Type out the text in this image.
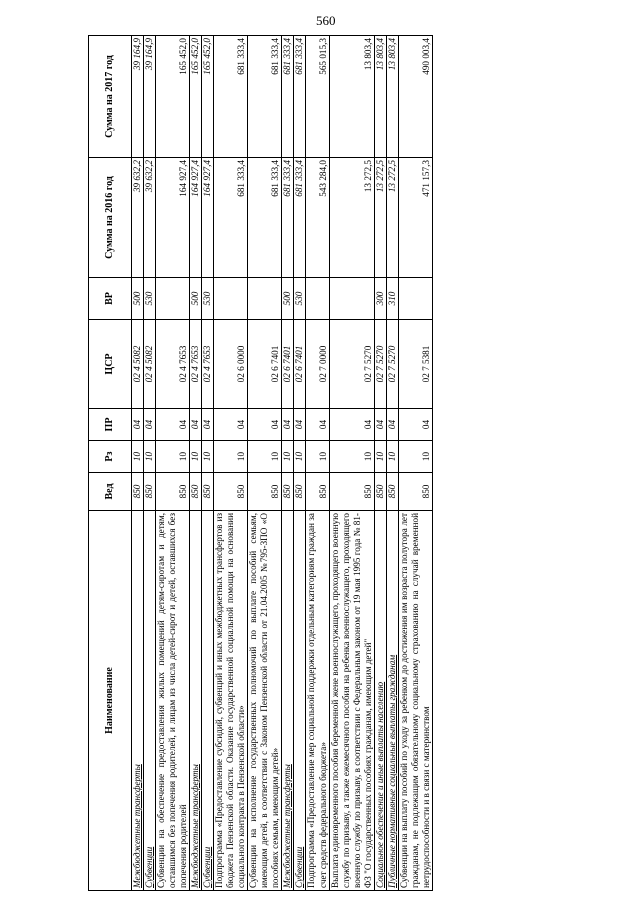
560
Наименование	Вед	Рз	ПР	ЦСР	ВР	Сумма на 2016 год	Сумма на 2017 год
Межбюджетные трансферты	850	10	04	02 4 5082	500	39 632,2	39 164,9
Субвенции	850	10	04	02 4 5082	530	39 632,2	39 164,9
Субвенции на обеспечение предоставления жилых помещений детям-сиротам и детям, оставшимся без попечения родителей, и лицам из числа детей-сирот и детей, оставшихся без попечения родителей	850	10	04	02 4 7653		164 927,4	165 452,0
Межбюджетные трансферты	850	10	04	02 4 7653	500	164 927,4	165 452,0
Субвенции	850	10	04	02 4 7653	530	164 927,4	165 452,0
Подпрограмма «Предоставление субсидий, субвенций и иных межбюджетных трансфертов из бюджета Пензенской области. Оказание государственной социальной помощи на основании социального контракта в Пензенской области»	850	10	04	02 6 0000		681 333,4	681 333,4
Субвенции на исполнение государственных полномочий по выплате пособий семьям, имеющим детей, в соответствии с Законом Пензенской области от 21.04.2005 №795-ЗПО «О пособиях семьям, имеющим детей»	850	10	04	02 6 7401		681 333,4	681 333,4
Межбюджетные трансферты	850	10	04	02 6 7401	500	681 333,4	681 333,4
Субвенции	850	10	04	02 6 7401	530	681 333,4	681 333,4
Подпрограмма «Предоставление мер социальной поддержки отдельным категориям граждан за счет средств федерального бюджета»	850	10	04	02 7 0000		543 284,0	565 015,3
Выплата единовременного пособия беременной жене военнослужащего, проходящего военную службу по призыву, а также ежемесячного пособия на ребенка военнослужащего, проходящего военную службу по призыву, в соответствии с Федеральным законом от 19 мая 1995 года № 81-ФЗ "О государственных пособиях гражданам, имеющим детей"	850	10	04	02 7 5270		13 272,5	13 803,4
Социальное обеспечение и иные выплаты населению	850	10	04	02 7 5270	300	13 272,5	13 803,4
Публичные нормативные социальные выплаты гражданам	850	10	04	02 7 5270	310	13 272,5	13 803,4
Субвенции на выплату пособий по уходу за ребенком до достижения им возраста полутора лет гражданам, не подлежащим обязательному социальному страхованию на случай временной нетрудоспособности и в связи с материнством	850	10	04	02 7 5381		471 157,3	490 003,4
